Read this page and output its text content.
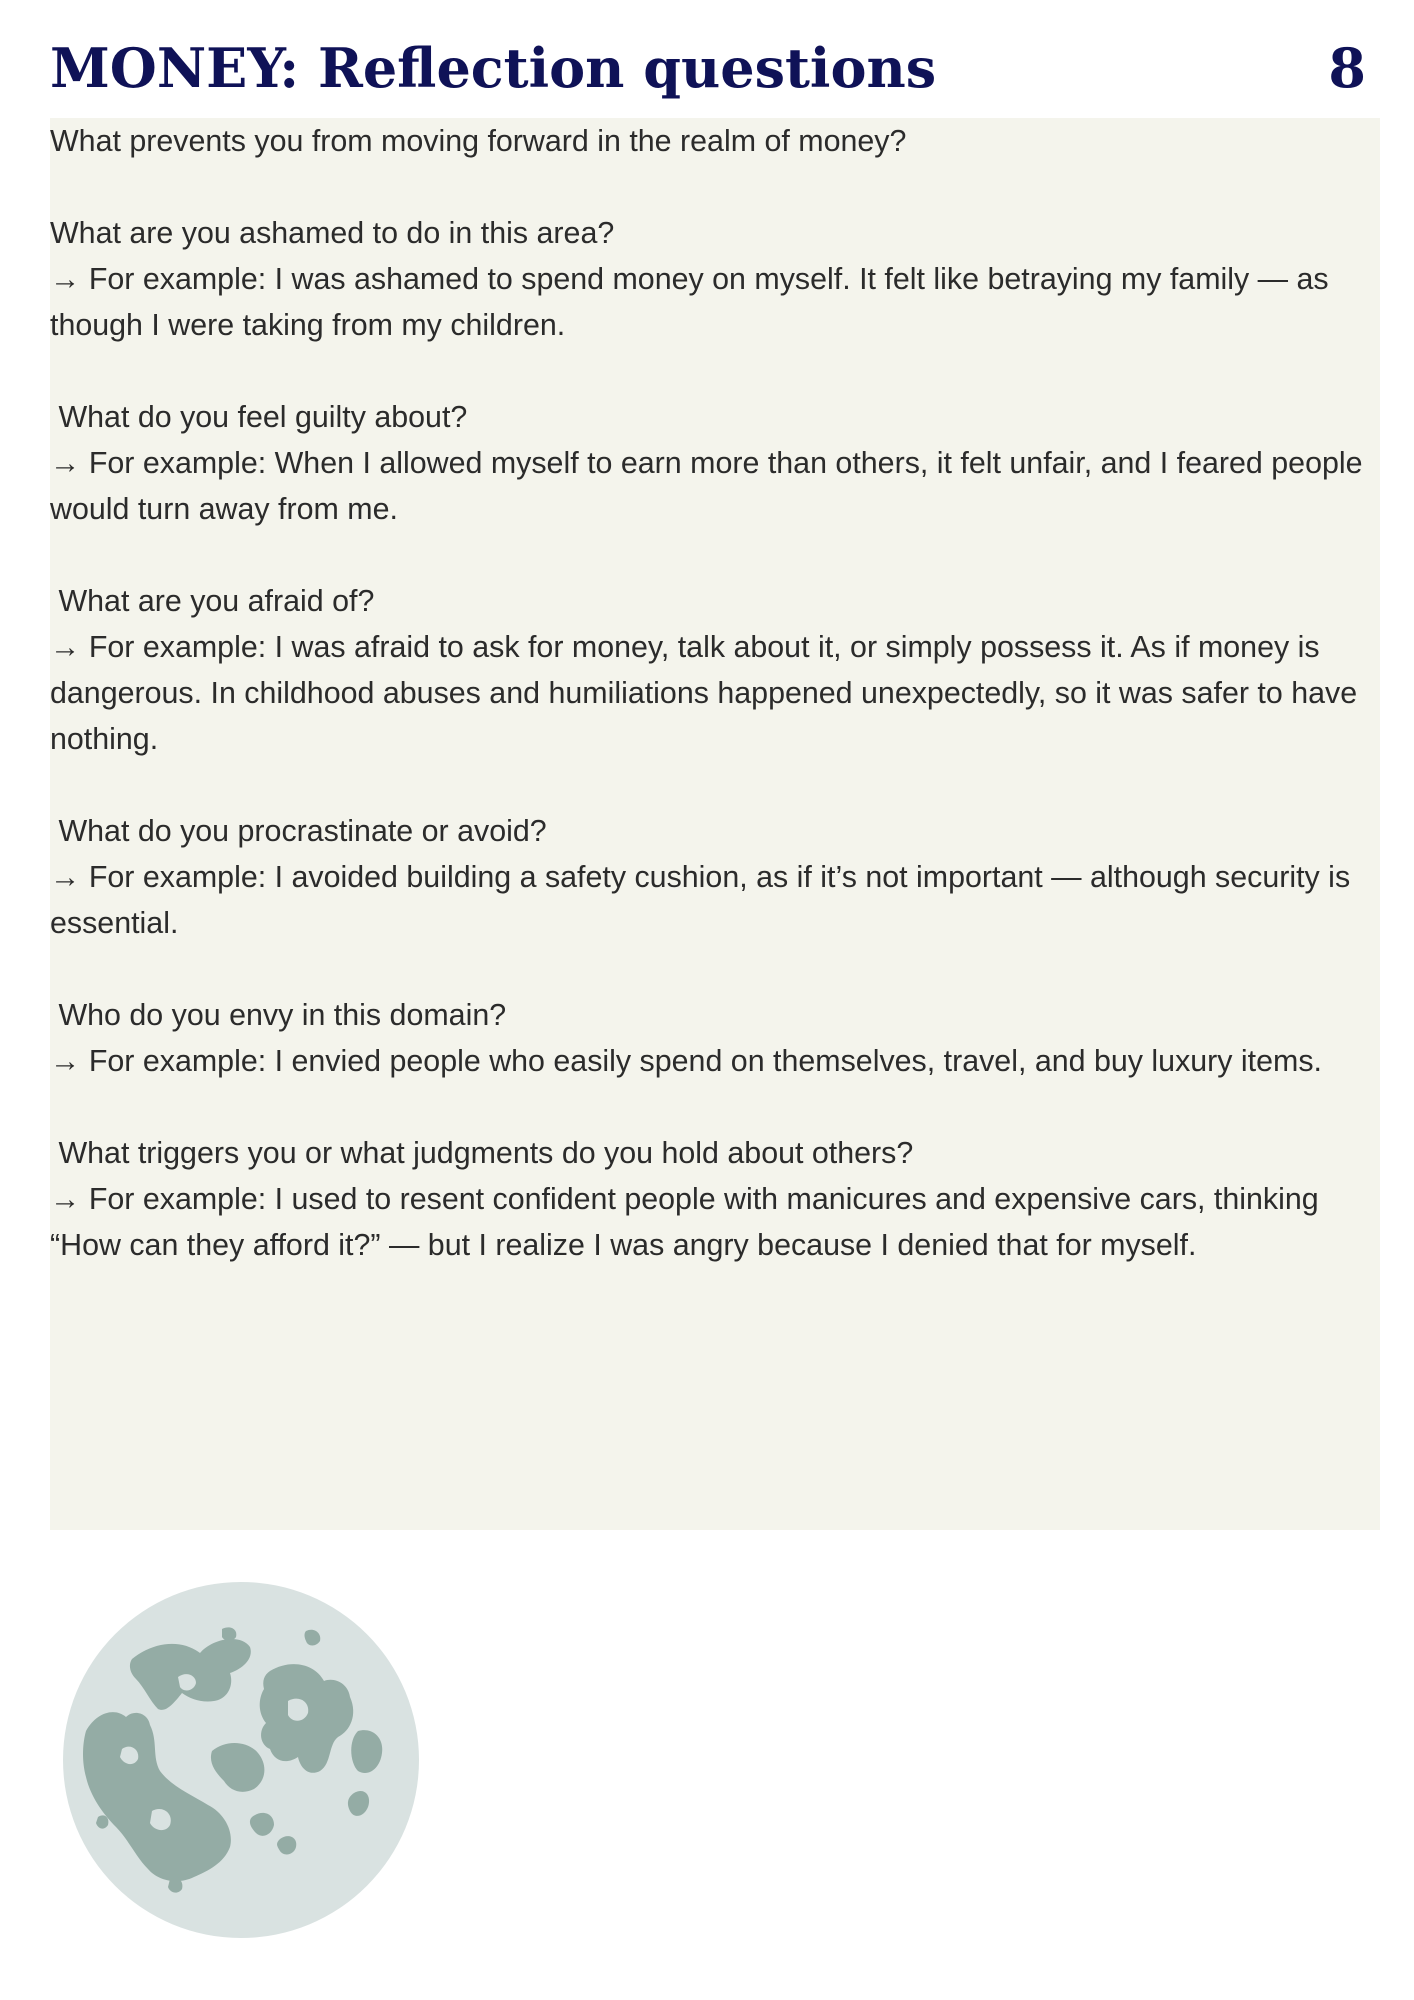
MONEY: Reflection questions	8

What prevents you from moving forward in the realm of money?

What are you ashamed to do in this area?

→ For example: I was ashamed to spend money on myself. It felt like betraying my family — as though I were taking from my children.

What do you feel guilty about?

→ For example: When I allowed myself to earn more than others, it felt unfair, and I feared people would turn away from me.

What are you afraid of?

→ For example: I was afraid to ask for money, talk about it, or simply possess it. As if money is dangerous. In childhood abuses and humiliations happened unexpectedly, so it was safer to have nothing.

What do you procrastinate or avoid?

→ For example: I avoided building a safety cushion, as if it’s not important — although security is essential.

Who do you envy in this domain?

→ For example: I envied people who easily spend on themselves, travel, and buy luxury items.

What triggers you or what judgments do you hold about others?

→ For example: I used to resent confident people with manicures and expensive cars, thinking “How can they afford it?” — but I realize I was angry because I denied that for myself.
